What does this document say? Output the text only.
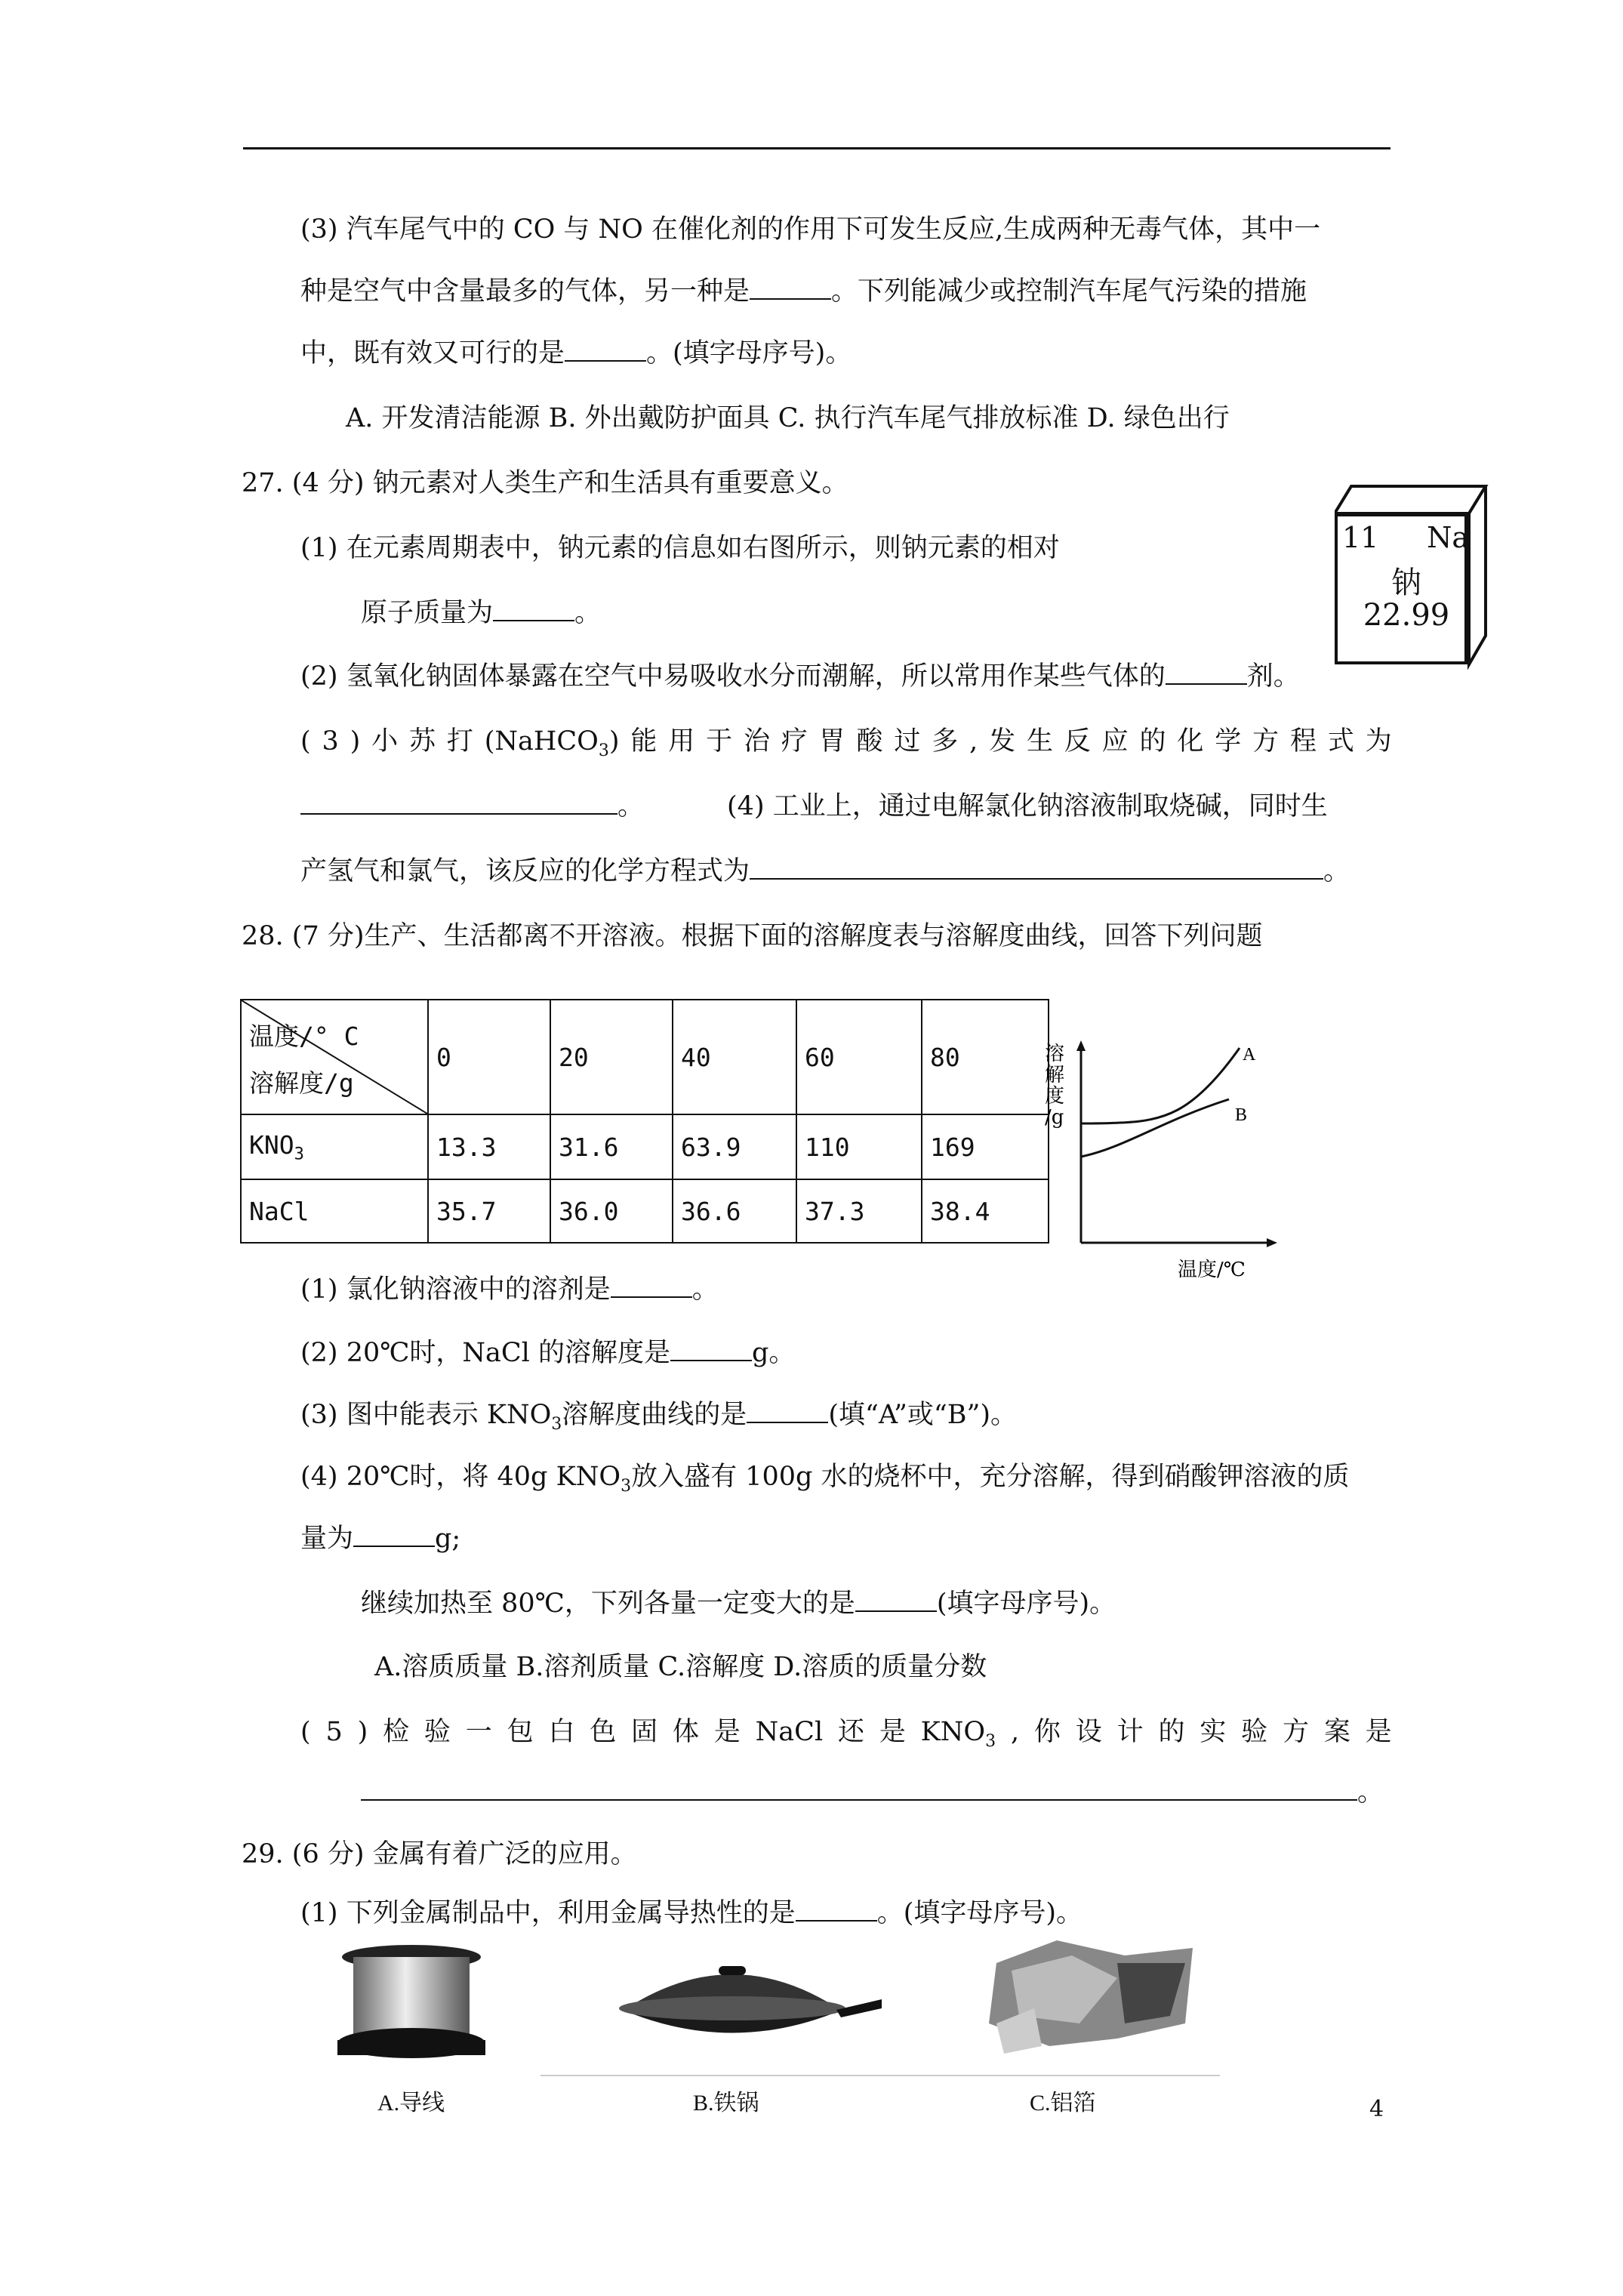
(3) 汽车尾气中的 CO 与 NO 在催化剂的作用下可发生反应,生成两种无毒气体，其中一
种是空气中含量最多的气体，另一种是	。下列能减少或控制汽车尾气污染的措施
中，既有效又可行的是	。(填字母序号)。
A. 开发清洁能源 B. 外出戴防护面具 C. 执行汽车尾气排放标准 D. 绿色出行
27. (4 分) 钠元素对人类生产和生活具有重要意义。
(1) 在元素周期表中，钠元素的信息如右图所示，则钠元素的相对
原子质量为	。
11 Na
钠
22.99
(2) 氢氧化钠固体暴露在空气中易吸收水分而潮解，所以常用作某些气体的	剂。
( 3 ) 小 苏 打 (NaHCO$_3$) 能 用 于 治 疗 胃 酸 过 多 , 发 生 反 应 的 化 学 方 程 式 为
。	(4) 工业上，通过电解氯化钠溶液制取烧碱，同时生
产氢气和氯气，该反应的化学方程式为	。
28. (7 分)生产、生活都离不开溶液。根据下面的溶解度表与溶解度曲线，回答下列问题
温度/° C
溶解度/g	0	20	40	60	80
$KNO_3$	13.3	31.6	63.9	110	169
NaCl	35.7	36.0	36.6	37.3	38.4
溶
解
度
/g
A
B
温度/℃
(1) 氯化钠溶液中的溶剂是	。
(2) 20℃时，NaCl 的溶解度是	g。
(3) 图中能表示 $KNO_3$溶解度曲线的是	(填“A”或“B”)。
(4) 20℃时，将 40g $KNO_3$放入盛有 100g 水的烧杯中，充分溶解，得到硝酸钾溶液的质
量为	g;
继续加热至 80℃，下列各量一定变大的是	(填字母序号)。
A.溶质质量 B.溶剂质量 C.溶解度 D.溶质的质量分数
( 5 ) 检 验 一 包 白 色 固 体 是 NaCl 还 是 $KNO_3$ , 你 设 计 的 实 验 方 案 是
。
29. (6 分) 金属有着广泛的应用。
(1) 下列金属制品中，利用金属导热性的是	。(填字母序号)。
A.导线	B.铁锅	C.铝箔	4
